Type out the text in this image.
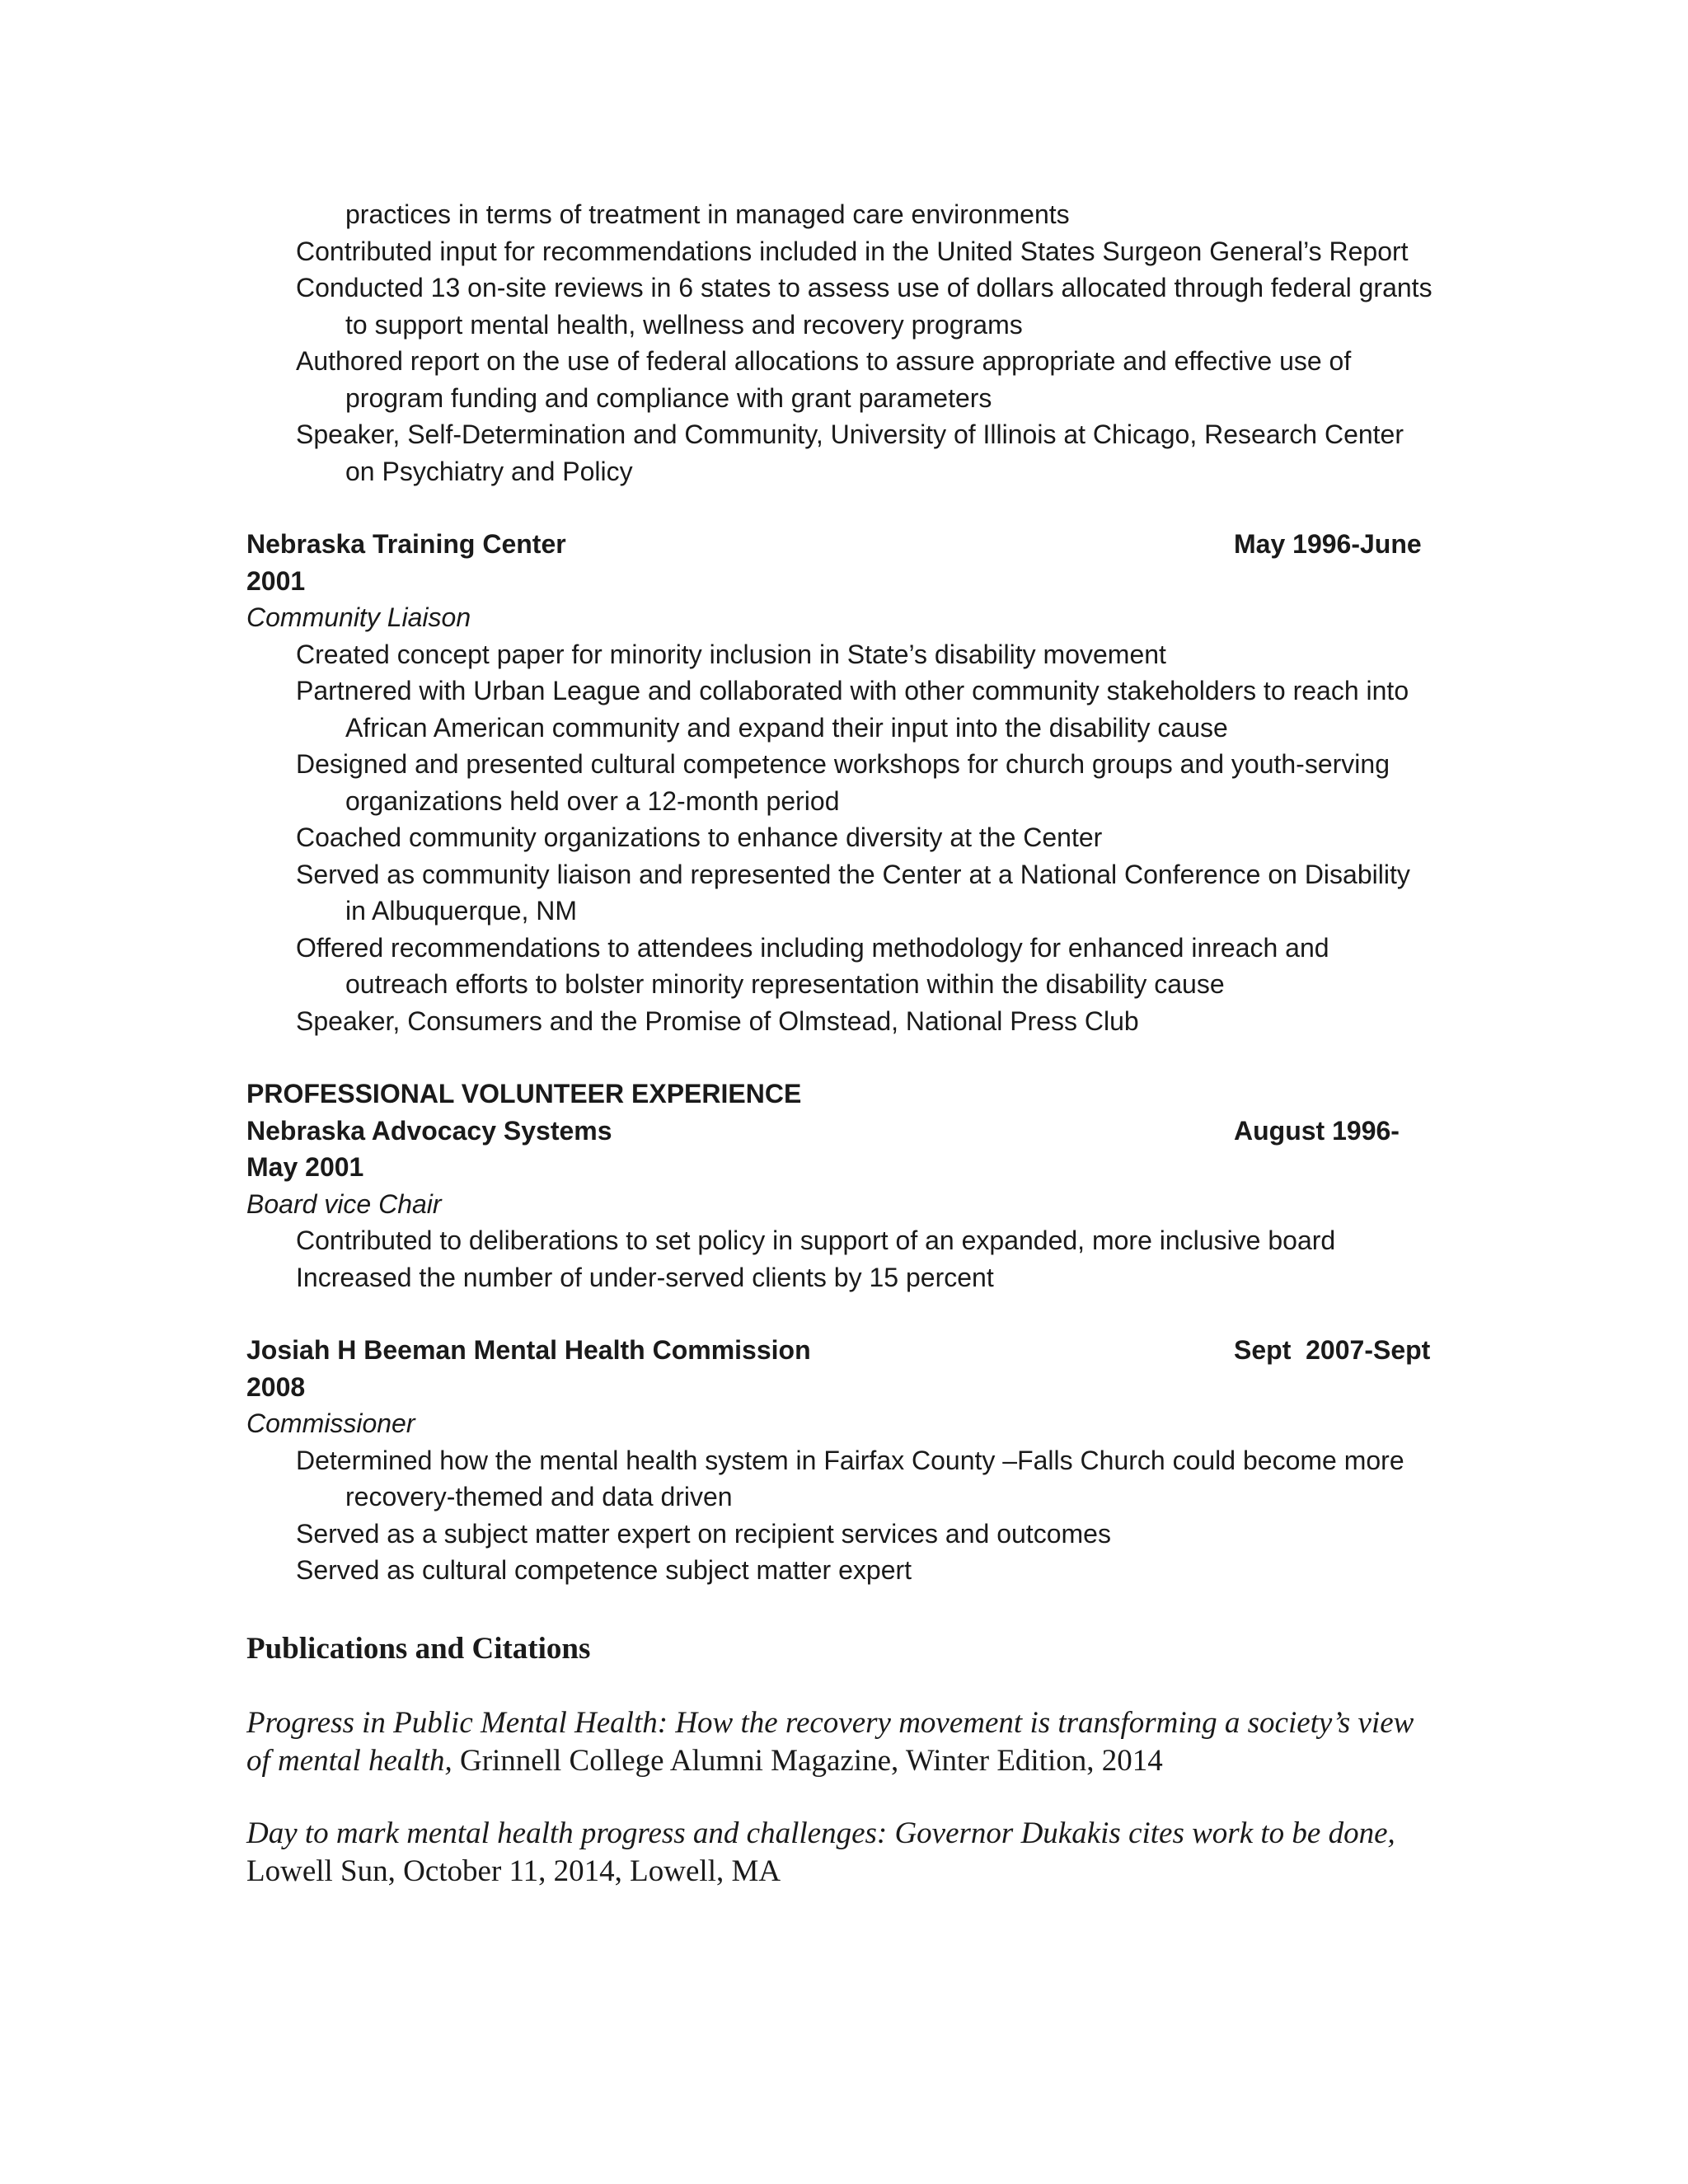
practices in terms of treatment in managed care environments

Contributed input for recommendations included in the United States Surgeon General’s Report

Conducted 13 on-site reviews in 6 states to assess use of dollars allocated through federal grants to support mental health, wellness and recovery programs

Authored report on the use of federal allocations to assure appropriate and effective use of program funding and compliance with grant parameters

Speaker, Self-Determination and Community, University of Illinois at Chicago, Research Center on Psychiatry and Policy

Nebraska Training Center	May 1996-June

2001

Community Liaison

Created concept paper for minority inclusion in State’s disability movement

Partnered with Urban League and collaborated with other community stakeholders to reach into African American community and expand their input into the disability cause

Designed and presented cultural competence workshops for church groups and youth-serving organizations held over a 12-month period

Coached community organizations to enhance diversity at the Center

Served as community liaison and represented the Center at a National Conference on Disability in Albuquerque, NM

Offered recommendations to attendees including methodology for enhanced inreach and outreach efforts to bolster minority representation within the disability cause

Speaker, Consumers and the Promise of Olmstead, National Press Club

PROFESSIONAL VOLUNTEER EXPERIENCE

Nebraska Advocacy Systems	August 1996-

May 2001

Board vice Chair

Contributed to deliberations to set policy in support of an expanded, more inclusive board

Increased the number of under-served clients by 15 percent

Josiah H Beeman Mental Health Commission	Sept  2007-Sept

2008

Commissioner

Determined how the mental health system in Fairfax County –Falls Church could become more recovery-themed and data driven

Served as a subject matter expert on recipient services and outcomes

Served as cultural competence subject matter expert

Publications and Citations

Progress in Public Mental Health: How the recovery movement is transforming a society’s view of mental health, Grinnell College Alumni Magazine, Winter Edition, 2014

Day to mark mental health progress and challenges: Governor Dukakis cites work to be done,  Lowell Sun, October 11, 2014, Lowell, MA
